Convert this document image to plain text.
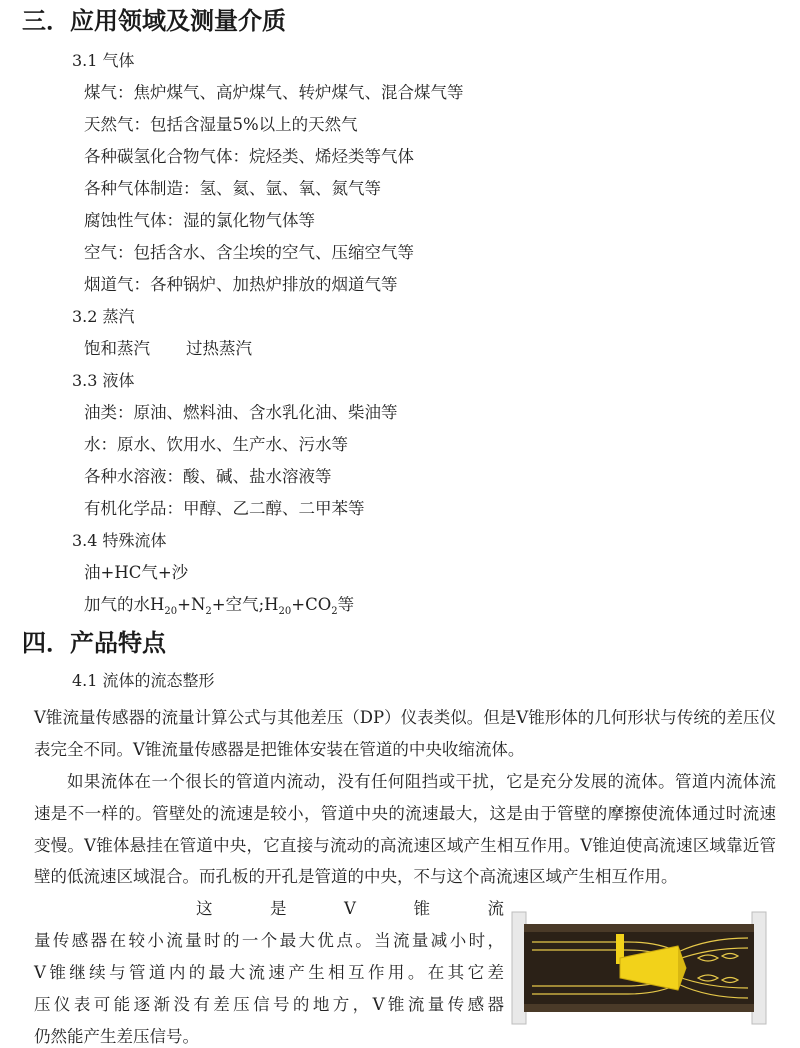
三．应用领域及测量介质
3.1 气体
煤气：焦炉煤气、高炉煤气、转炉煤气、混合煤气等
天然气：包括含湿量5%以上的天然气
各种碳氢化合物气体：烷烃类、烯烃类等气体
各种气体制造：氢、氦、氩、氧、氮气等
腐蚀性气体：湿的氯化物气体等
空气：包括含水、含尘埃的空气、压缩空气等
烟道气：各种锅炉、加热炉排放的烟道气等
3.2 蒸汽
饱和蒸汽 过热蒸汽
3.3 液体
油类：原油、燃料油、含水乳化油、柴油等
水：原水、饮用水、生产水、污水等
各种水溶液：酸、碱、盐水溶液等
有机化学品：甲醇、乙二醇、二甲苯等
3.4 特殊流体
油+HC气+沙
加气的水$H_{20}+N_2+$空气$;H_{20}+CO_2$等
四．产品特点
4.1 流体的流态整形
V锥流量传感器的流量计算公式与其他差压（DP）仪表类似。但是V锥形体的几何形状与传统的差压仪表完全不同。V锥流量传感器是把锥体安装在管道的中央收缩流体。
如果流体在一个很长的管道内流动，没有任何阻挡或干扰，它是充分发展的流体。管道内流体流速是不一样的。管壁处的流速是较小，管道中央的流速最大，这是由于管壁的摩擦使流体通过时流速变慢。V锥体悬挂在管道中央，它直接与流动的高流速区域产生相互作用。V锥迫使高流速区域靠近管壁的低流速区域混合。而孔板的开孔是管道的中央，不与这个高流速区域产生相互作用。
这是V锥流
量传感器在较小流量时的一个最大优点。当流量减小时，
V锥继续与管道内的最大流速产生相互作用。在其它差
压仪表可能逐渐没有差压信号的地方，V锥流量传感器
仍然能产生差压信号。
